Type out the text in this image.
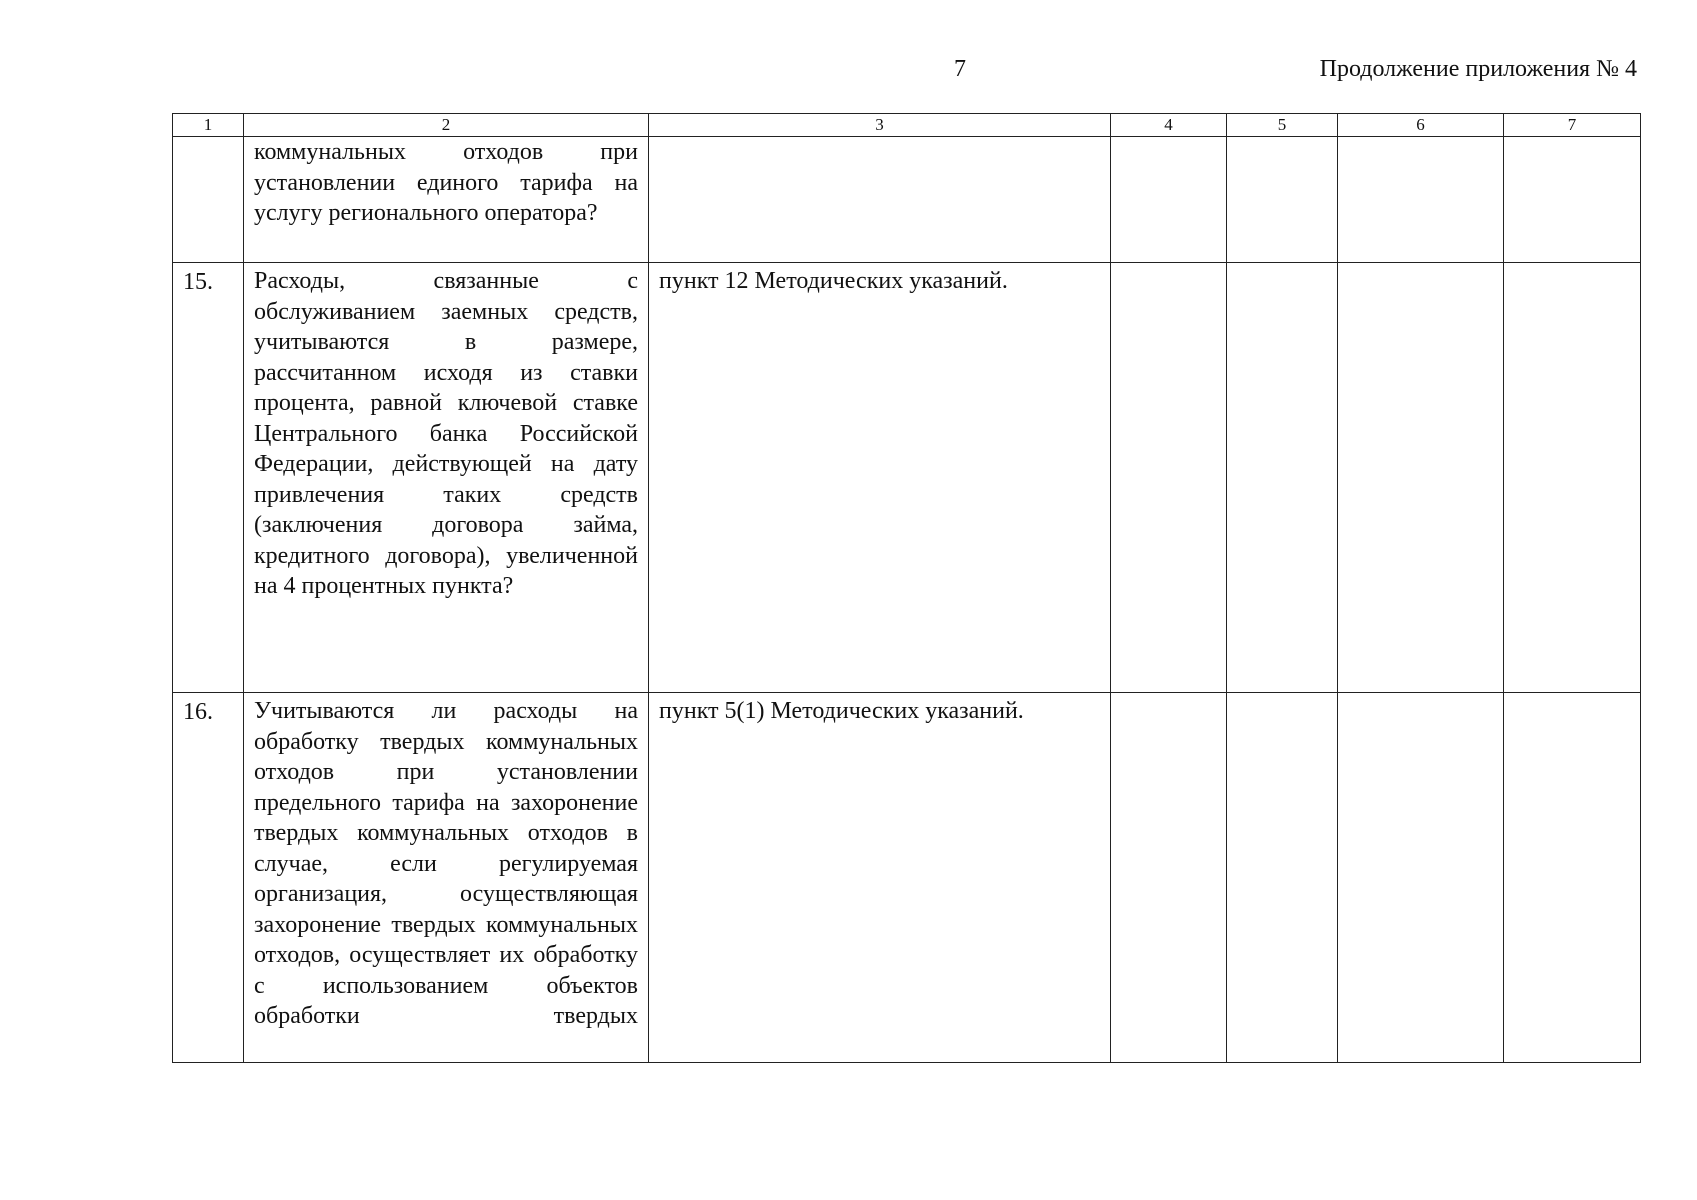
7	Продолжение приложения № 4
1	2	3	4	5	6	7
	коммунальных отходов при установлении единого тарифа на услугу регионального оператора?					
15.	Расходы, связанные с обслуживанием заемных средств, учитываются в размере, рассчитанном исходя из ставки процента, равной ключевой ставке Центрального банка Российской Федерации, действующей на дату привлечения таких средств (заключения договора займа, кредитного договора), увеличенной на 4 процентных пункта?	пункт 12 Методических указаний.				
16.	Учитываются ли расходы на обработку твердых коммунальных отходов при установлении предельного тарифа на захоронение твердых коммунальных отходов в случае, если регулируемая организация, осуществляющая захоронение твердых коммунальных отходов, осуществляет их обработку с использованием объектов обработки твердых	пункт 5(1) Методических указаний.				
